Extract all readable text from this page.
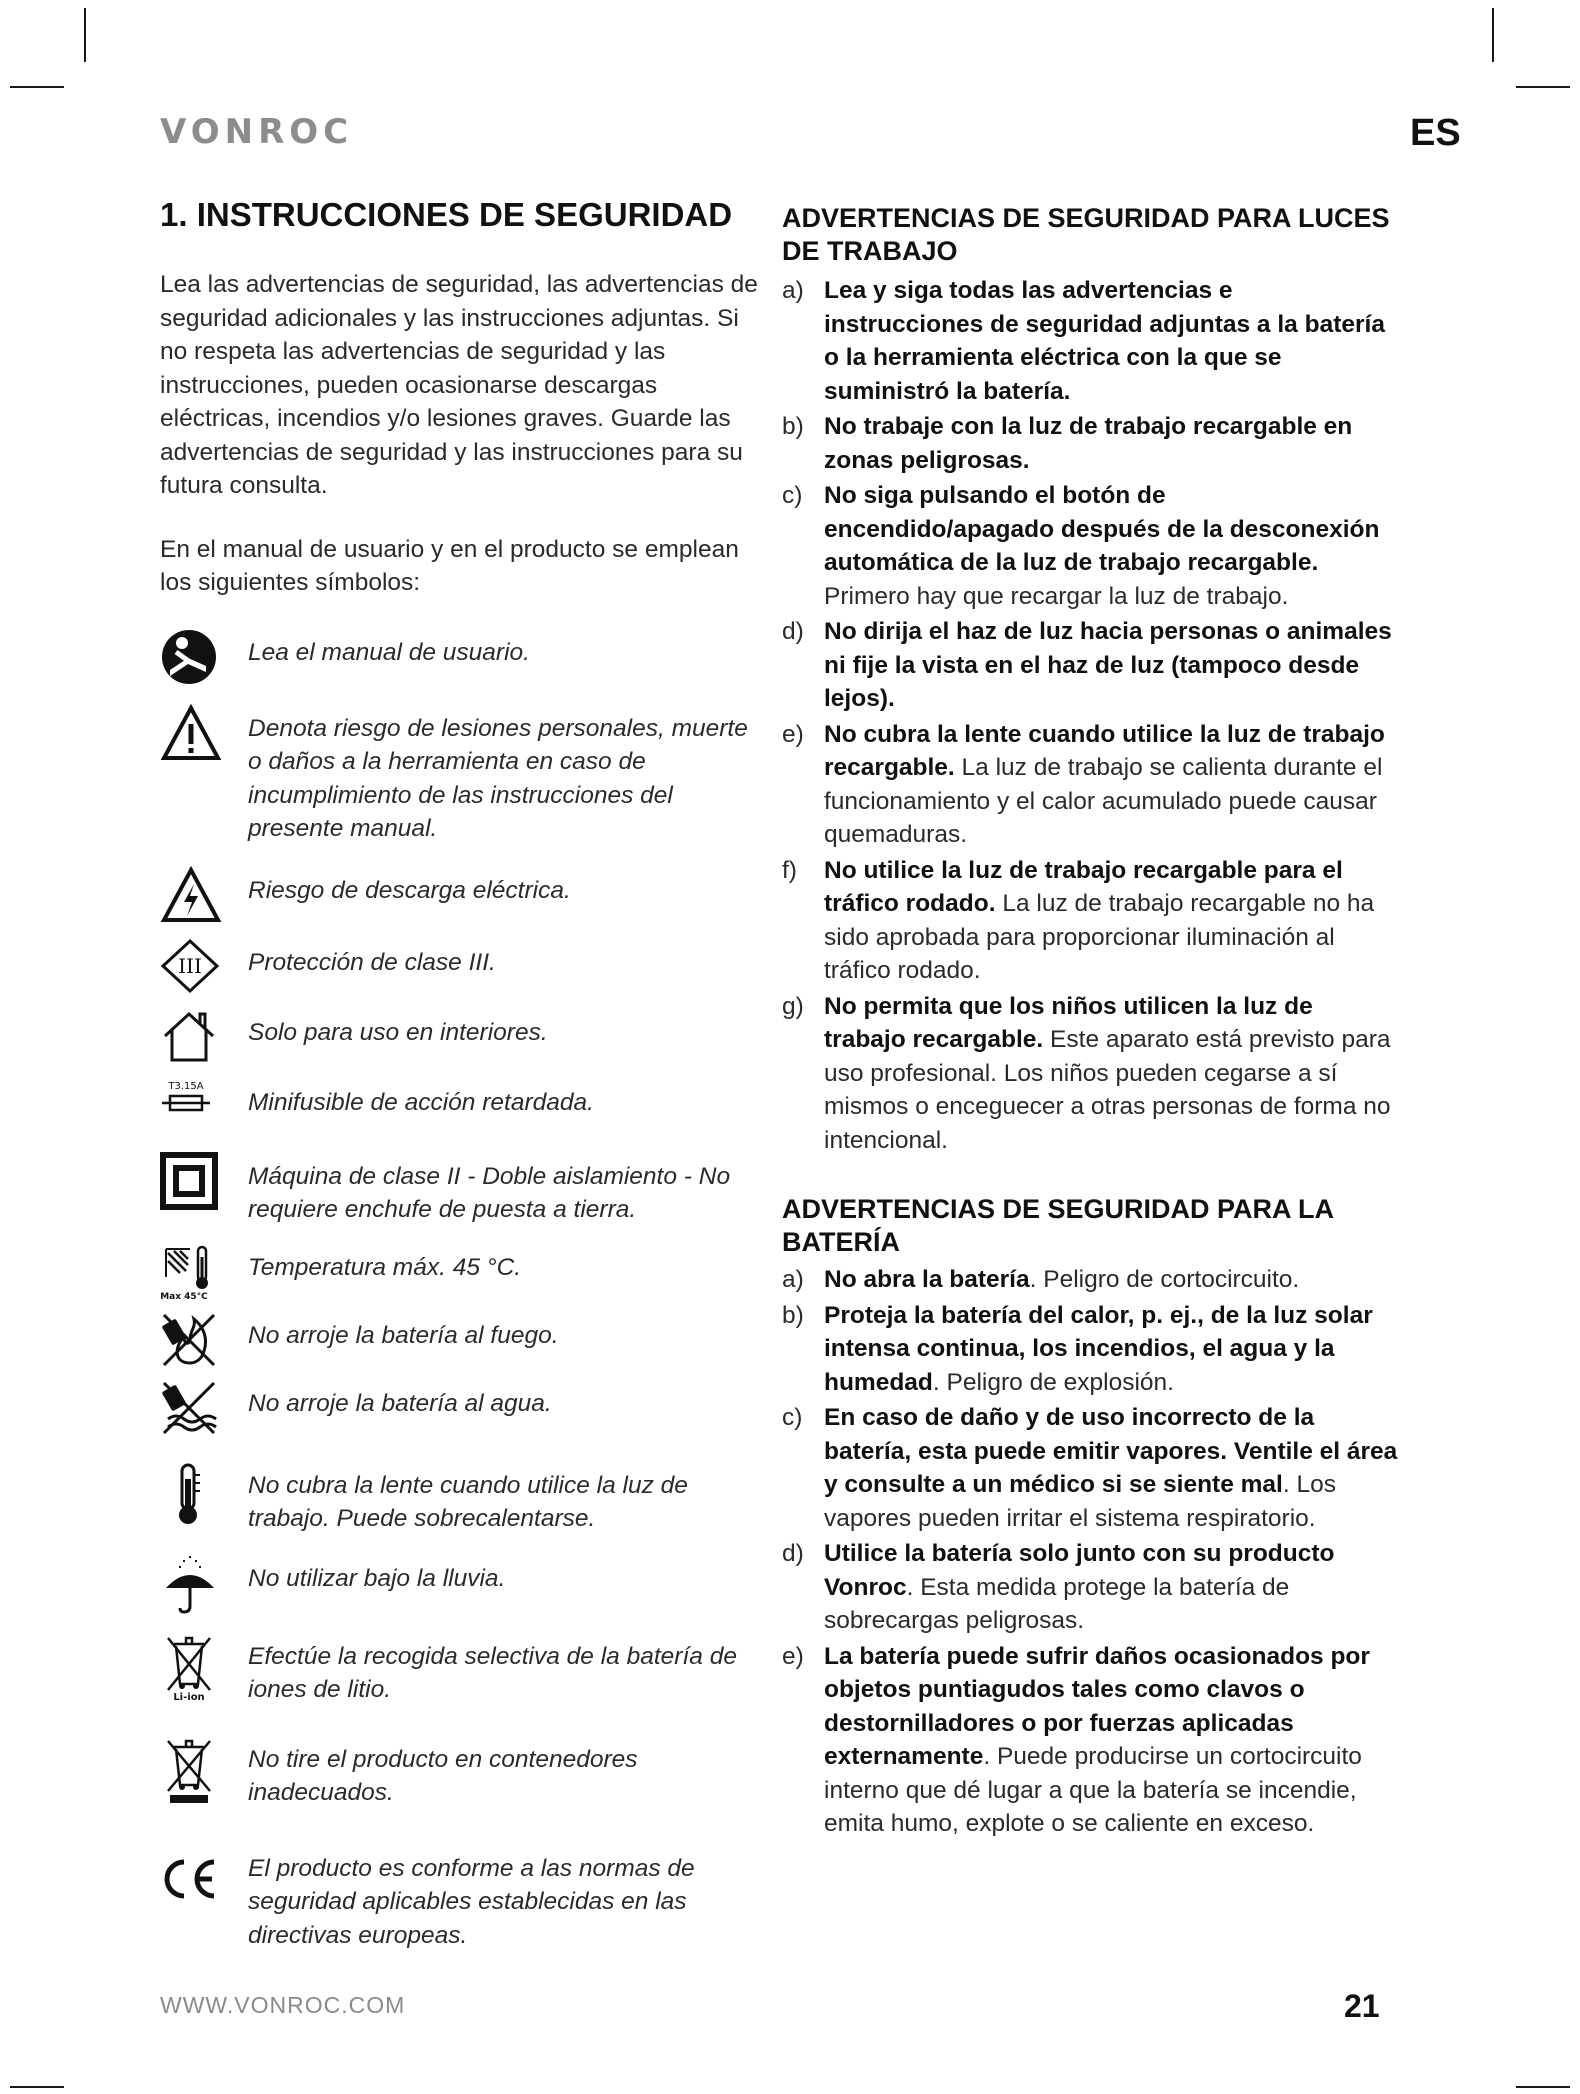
VONROC	ES
1. INSTRUCCIONES DE SEGURIDAD

Lea las advertencias de seguridad, las advertencias de seguridad adicionales y las instrucciones adjuntas. Si no respeta las advertencias de seguridad y las instrucciones, pueden ocasionarse descargas eléctricas, incendios y/o lesiones graves. Guarde las advertencias de seguridad y las instrucciones para su futura consulta.

En el manual de usuario y en el producto se emplean los siguientes símbolos:

Lea el manual de usuario.
Denota riesgo de lesiones personales, muerte o daños a la herramienta en caso de incumplimiento de las instrucciones del presente manual.
Riesgo de descarga eléctrica.
III Protección de clase III.
Solo para uso en interiores.
T3.15A
Minifusible de acción retardada.
Máquina de clase II - Doble aislamiento - No requiere enchufe de puesta a tierra.
Max 45°C
Temperatura máx. 45 °C.
No arroje la batería al fuego.
No arroje la batería al agua.
No cubra la lente cuando utilice la luz de trabajo. Puede sobrecalentarse.
No utilizar bajo la lluvia.
Li-ion
Efectúe la recogida selectiva de la batería de iones de litio.
No tire el producto en contenedores inadecuados.
El producto es conforme a las normas de seguridad aplicables establecidas en las directivas europeas.
ADVERTENCIAS DE SEGURIDAD PARA LUCES DE TRABAJO
a) Lea y siga todas las advertencias e instrucciones de seguridad adjuntas a la batería o la herramienta eléctrica con la que se suministró la batería.
b) No trabaje con la luz de trabajo recargable en zonas peligrosas.
c) No siga pulsando el botón de encendido/apagado después de la desconexión automática de la luz de trabajo recargable. Primero hay que recargar la luz de trabajo.
d) No dirija el haz de luz hacia personas o animales ni fije la vista en el haz de luz (tampoco desde lejos).
e) No cubra la lente cuando utilice la luz de trabajo recargable. La luz de trabajo se calienta durante el funcionamiento y el calor acumulado puede causar quemaduras.
f)	No utilice la luz de trabajo recargable para el tráfico rodado. La luz de trabajo recargable no ha sido aprobada para proporcionar iluminación al tráfico rodado.
g) No permita que los niños utilicen la luz de trabajo recargable. Este aparato está previsto para uso profesional. Los niños pueden cegarse a sí mismos o enceguecer a otras personas de forma no intencional.
ADVERTENCIAS DE SEGURIDAD PARA LA BATERÍA
a) No abra la batería. Peligro de cortocircuito.
b) Proteja la batería del calor, p. ej., de la luz solar intensa continua, los incendios, el agua y la humedad. Peligro de explosión.
c) En caso de daño y de uso incorrecto de la batería, esta puede emitir vapores. Ventile el área y consulte a un médico si se siente mal. Los vapores pueden irritar el sistema respiratorio.
d) Utilice la batería solo junto con su producto Vonroc. Esta medida protege la batería de sobrecargas peligrosas.
e) La batería puede sufrir daños ocasionados por objetos puntiagudos tales como clavos o destornilladores o por fuerzas aplicadas externamente. Puede producirse un cortocircuito interno que dé lugar a que la batería se incendie, emita humo, explote o se caliente en exceso.
WWW.VONROC.COM	21
